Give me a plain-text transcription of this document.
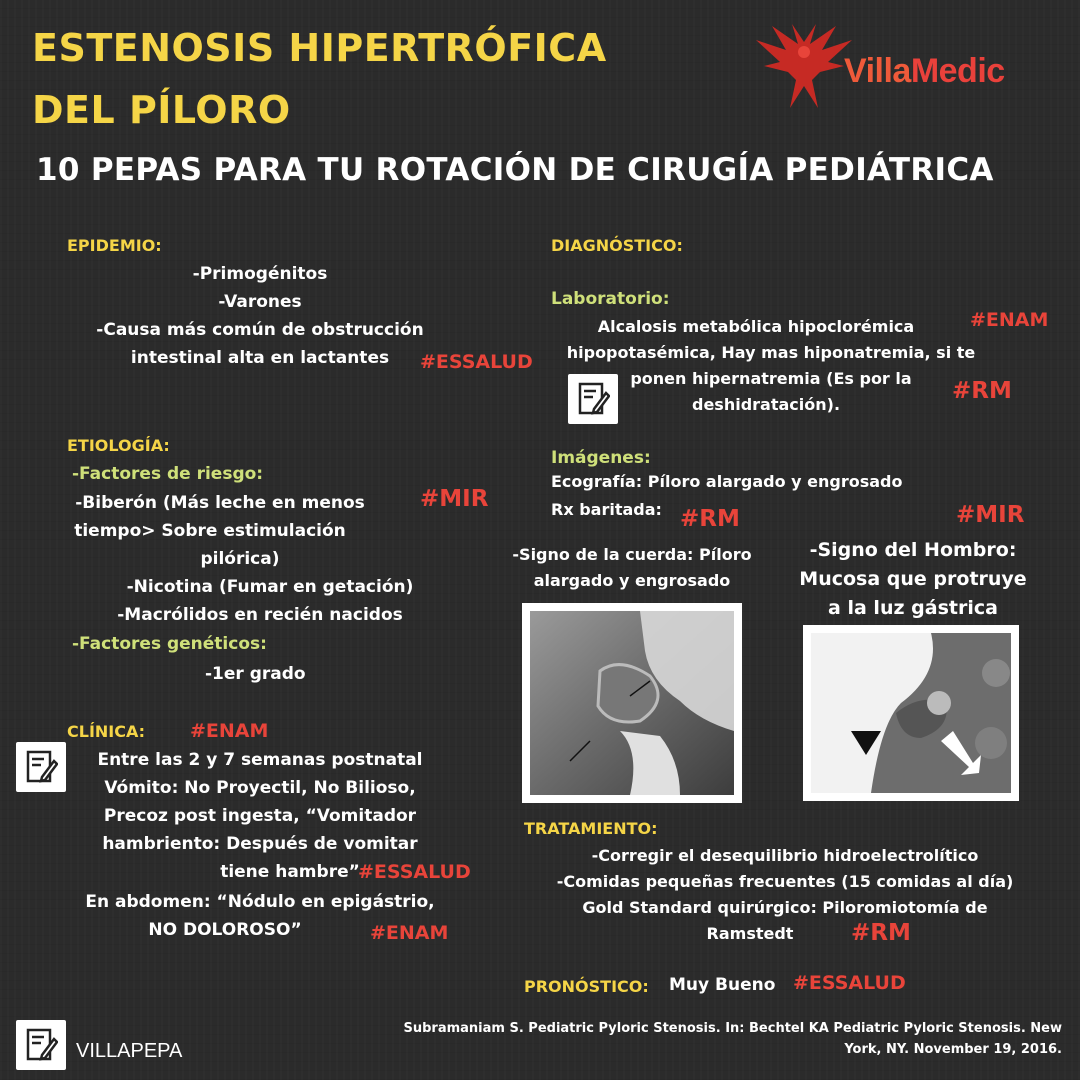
ESTENOSIS HIPERTRÓFICA
DEL PÍLORO
10 PEPAS PARA TU ROTACIÓN DE CIRUGÍA PEDIÁTRICA
VillaMedic
EPIDEMIO:
-Primogénitos
-Varones
-Causa más común de obstrucción
intestinal alta en lactantes	#ESSALUD
ETIOLOGÍA:
-Factores de riesgo:
-Biberón (Más leche en menos
tiempo> Sobre estimulación
pilórica)
-Nicotina (Fumar en getación)
-Macrólidos en recién nacidos
#MIR
-Factores genéticos:
-1er grado
CLÍNICA: #ENAM
Entre las 2 y 7 semanas postnatal
Vómito: No Proyectil, No Bilioso,
Precoz post ingesta, “Vomitador
hambriento: Después de vomitar
tiene hambre”
En abdomen: “Nódulo en epigástrio,
NO DOLOROSO”
#ESSALUD
#ENAM
DIAGNÓSTICO:
Laboratorio:
#ENAM
Alcalosis metabólica hipoclorémica
hipopotasémica, Hay mas hiponatremia, si te
ponen hipernatremia (Es por la
deshidratación).
#RM
Imágenes:
Ecografía: Píloro alargado y engrosado
Rx baritada: #RM	#MIR
-Signo de la cuerda: Píloro
alargado y engrosado
-Signo del Hombro:
Mucosa que protruye
a la luz gástrica
TRATAMIENTO:
-Corregir el desequilibrio hidroelectrolítico
-Comidas pequeñas frecuentes (15 comidas al día)
Gold Standard quirúrgico: Piloromiotomía de
Ramstedt	#RM
PRONÓSTICO: Muy Bueno #ESSALUD
VILLAPEPA
Subramaniam S. Pediatric Pyloric Stenosis. In: Bechtel KA Pediatric Pyloric Stenosis. New
York, NY. November 19, 2016.
